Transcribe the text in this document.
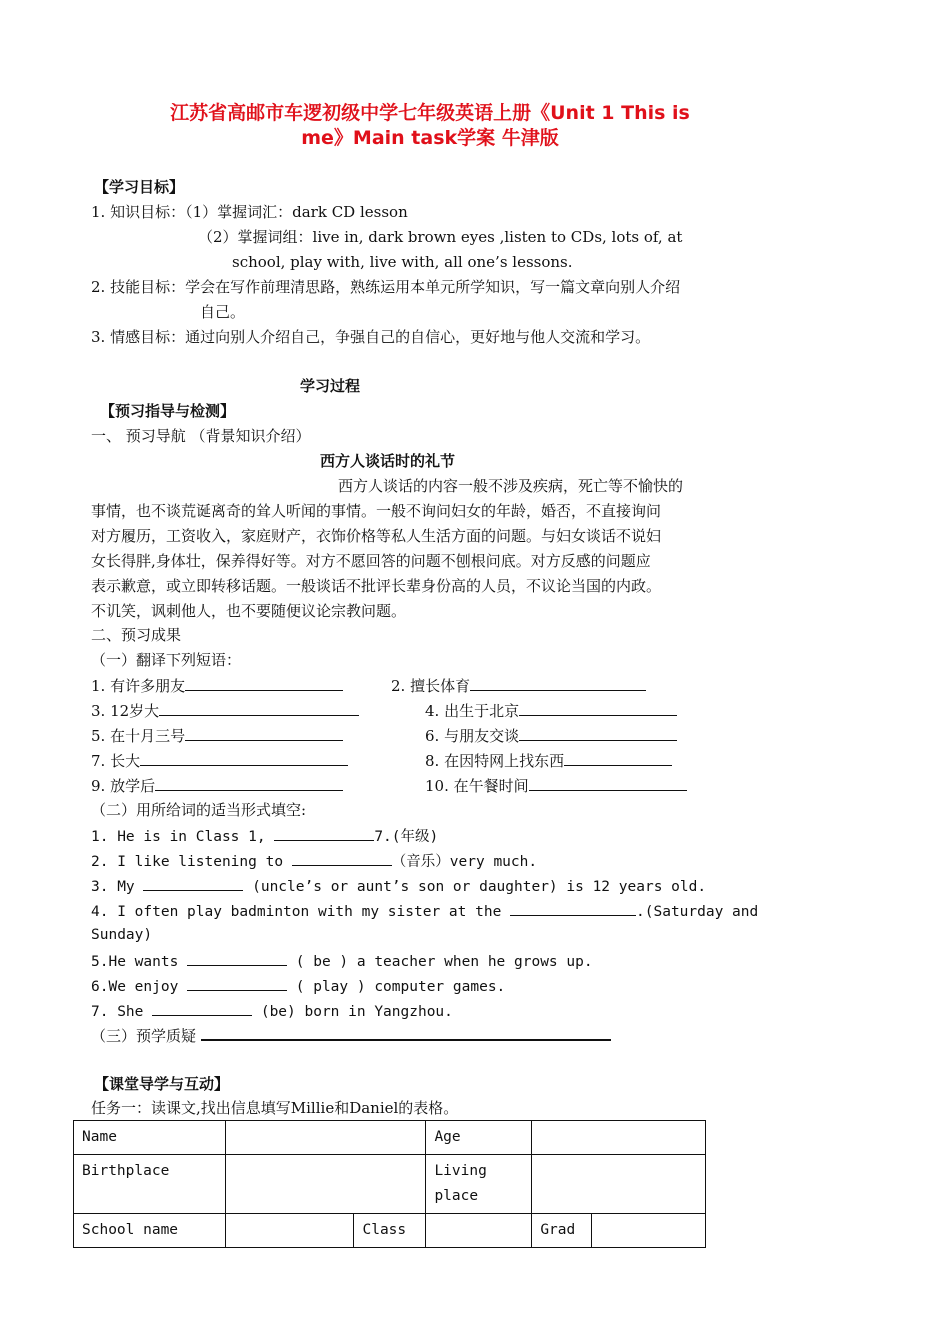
江苏省高邮市车逻初级中学七年级英语上册《Unit 1 This is
me》Main task学案 牛津版
【学习目标】
1. 知识目标：（1）掌握词汇：dark CD lesson
（2）掌握词组：live in, dark brown eyes ,listen to CDs, lots of, at
school, play with, live with, all one’s lessons.
2. 技能目标：学会在写作前理清思路，熟练运用本单元所学知识，写一篇文章向别人介绍
自己。
3. 情感目标：通过向别人介绍自己，争强自己的自信心，更好地与他人交流和学习。
学习过程
【预习指导与检测】
一、 预习导航 （背景知识介绍）
西方人谈话时的礼节
西方人谈话的内容一般不涉及疾病，死亡等不愉快的
事情，也不谈荒诞离奇的耸人听闻的事情。一般不询问妇女的年龄，婚否，不直接询问
对方履历，工资收入，家庭财产，衣饰价格等私人生活方面的问题。与妇女谈话不说妇
女长得胖,身体壮，保养得好等。对方不愿回答的问题不刨根问底。对方反感的问题应
表示歉意，或立即转移话题。一般谈话不批评长辈身份高的人员，不议论当国的内政。
不讥笑，讽刺他人，也不要随便议论宗教问题。
二、预习成果
（一）翻译下列短语：
1. 有许多朋友	2. 擅长体育
3. 12岁大	4. 出生于北京
5. 在十月三号	6. 与朋友交谈
7. 长大	8. 在因特网上找东西
9. 放学后	10. 在午餐时间
（二）用所给词的适当形式填空:
1. He is in Class 1,	7.(年级)
2. I like listening to	（音乐）very much.
3. My	(uncle’s or aunt’s son or daughter) is 12 years old.
4. I often play badminton with my sister at the	.(Saturday and
Sunday)
5.He wants	( be ) a teacher when he grows up.
6.We enjoy	( play ) computer games.
7. She	(be) born in Yangzhou.
（三）预学质疑
【课堂导学与互动】
任务一：读课文,找出信息填写Millie和Daniel的表格。
Name			Age		
Birthplace			Living
place		
School name		Class		Grad	
